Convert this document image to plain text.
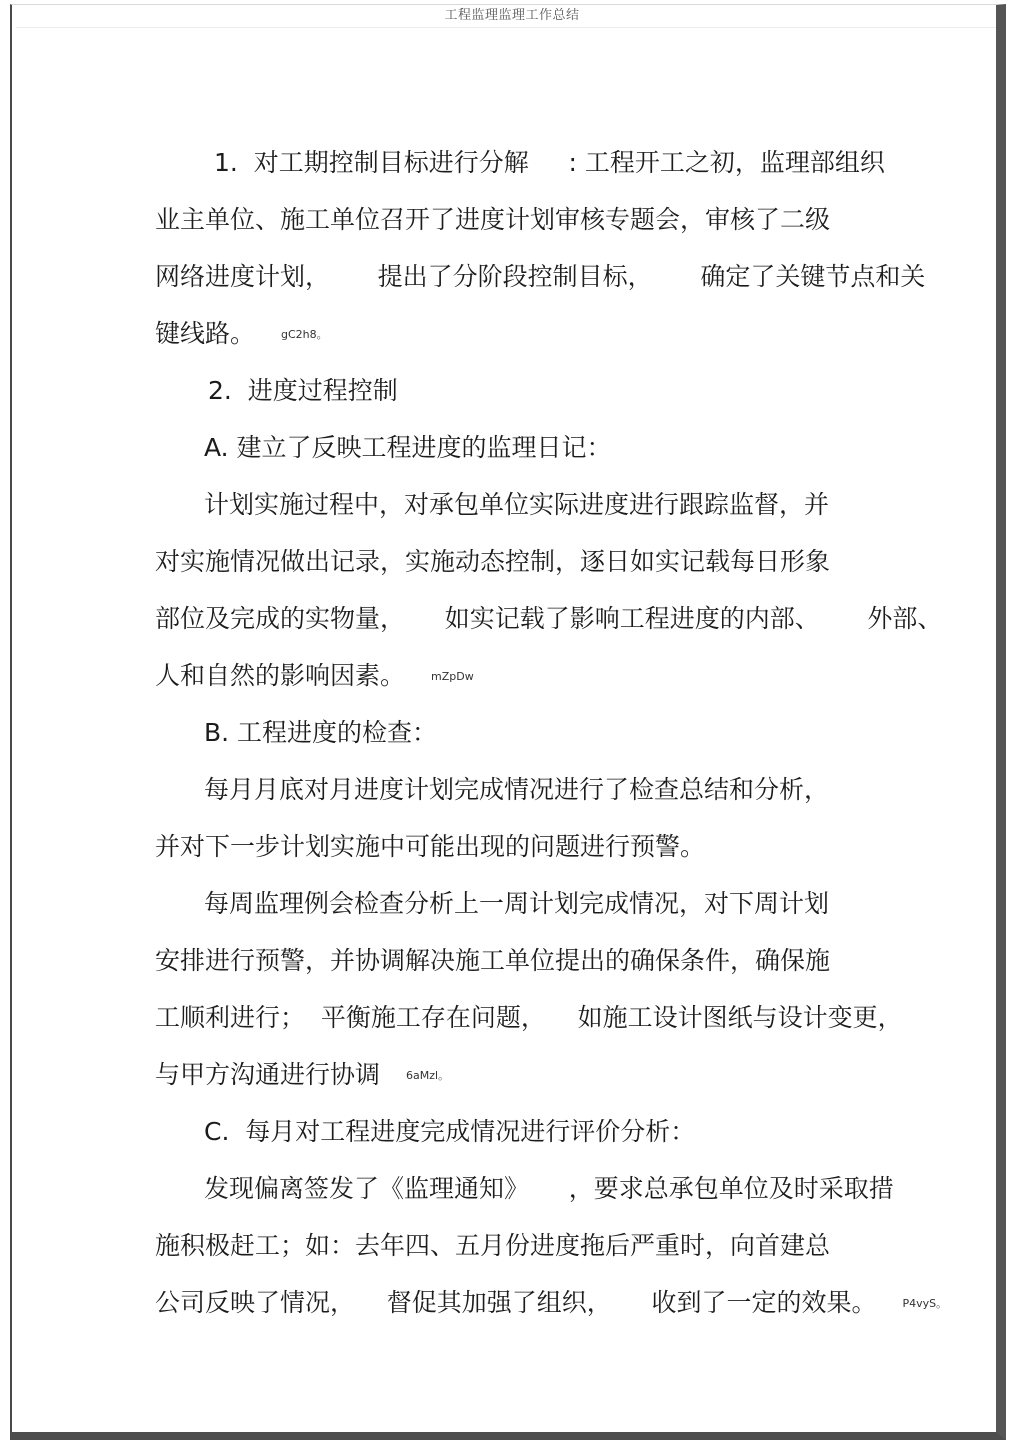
工程监理监理工作总结
1.  对工期控制目标进行分解     : 工程开工之初，监理部组织
业主单位、施工单位召开了进度计划审核专题会，审核了二级
网络进度计划，      提出了分阶段控制目标，      确定了关键节点和关
键线路。 gC2h8。
2.  进度过程控制
A. 建立了反映工程进度的监理日记：
计划实施过程中，对承包单位实际进度进行跟踪监督，并
对实施情况做出记录，实施动态控制，逐日如实记载每日形象
部位及完成的实物量，     如实记载了影响工程进度的内部、      外部、
人和自然的影响因素。 mZpDw
B. 工程进度的检查：
每月月底对月进度计划完成情况进行了检查总结和分析，
并对下一步计划实施中可能出现的问题进行预警。
每周监理例会检查分析上一周计划完成情况，对下周计划
安排进行预警，并协调解决施工单位提出的确保条件，确保施
工顺利进行；  平衡施工存在问题，    如施工设计图纸与设计变更，
与甲方沟通进行协调 6aMzl。
C.  每月对工程进度完成情况进行评价分析：
发现偏离签发了《监理通知》     ，要求总承包单位及时采取措
施积极赶工；如：去年四、五月份进度拖后严重时，向首建总
公司反映了情况，    督促其加强了组织，     收到了一定的效果。 P4vyS。
